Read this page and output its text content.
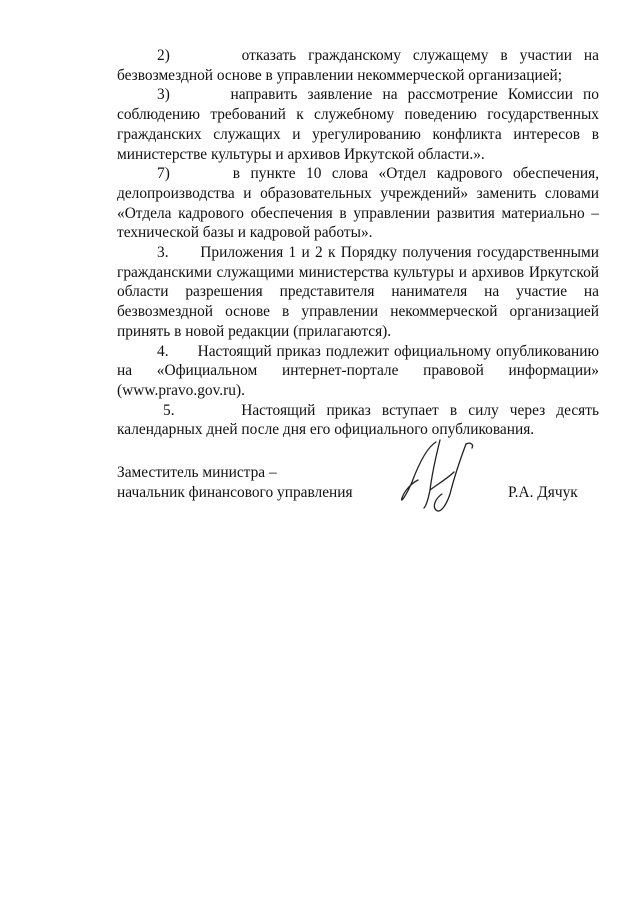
2)      отказать гражданскому служащему в участии на безвозмездной основе в управлении некоммерческой организацией;

3)      направить заявление на рассмотрение Комиссии по соблюдению требований к служебному поведению государственных гражданских служащих и урегулированию конфликта интересов в министерстве культуры и архивов Иркутской области.».

7)      в пункте 10 слова «Отдел кадрового обеспечения, делопроизводства и образовательных учреждений» заменить словами «Отдела кадрового обеспечения в управлении развития материально – технической базы и кадровой работы».

3.      Приложения 1 и 2 к Порядку получения государственными гражданскими служащими министерства культуры и архивов Иркутской области разрешения представителя нанимателя на участие на безвозмездной основе в управлении некоммерческой организацией принять в новой редакции (прилагаются).

4.      Настоящий приказ подлежит официальному опубликованию на «Официальном интернет-портале правовой информации» (www.pravo.gov.ru).

5.      Настоящий приказ вступает в силу через десять календарных дней после дня его официального опубликования.

Заместитель министра –
начальник финансового управления	Р.А. Дячук
